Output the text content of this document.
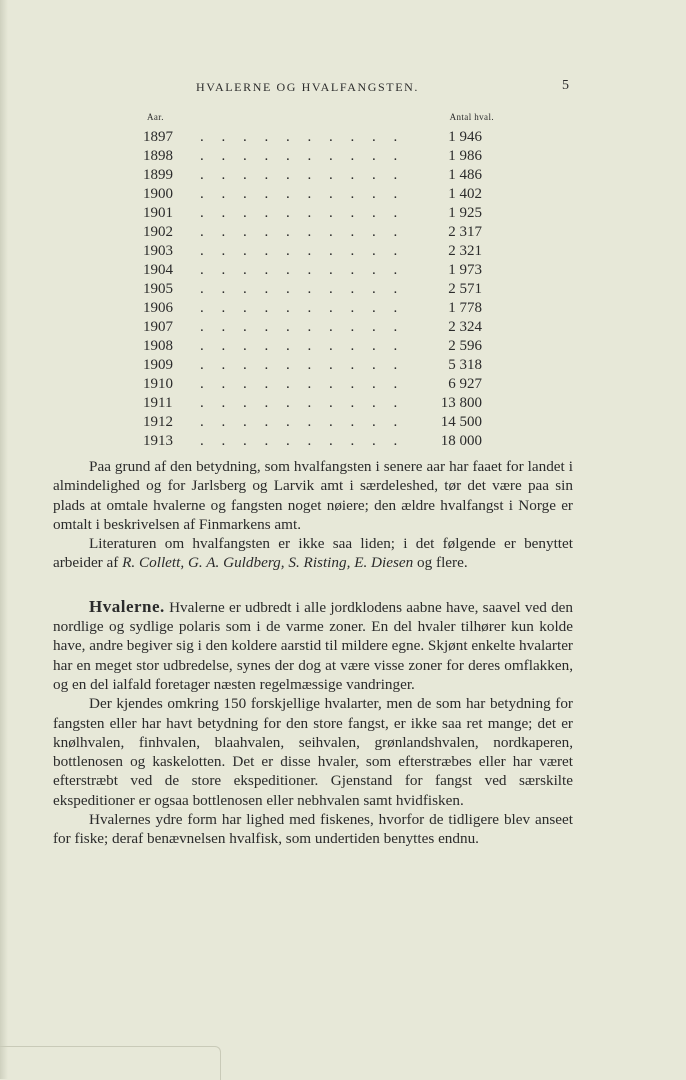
HVALERNE OG HVALFANGSTEN.	5
Aar.	Antal hval.
1897 . . . . . . . . . .	1 946
1898 . . . . . . . . . .	1 986
1899 . . . . . . . . . .	1 486
1900 . . . . . . . . . .	1 402
1901 . . . . . . . . . .	1 925
1902 . . . . . . . . . .	2 317
1903 . . . . . . . . . .	2 321
1904 . . . . . . . . . .	1 973
1905 . . . . . . . . . .	2 571
1906 . . . . . . . . . .	1 778
1907 . . . . . . . . . .	2 324
1908 . . . . . . . . . .	2 596
1909 . . . . . . . . . .	5 318
1910 . . . . . . . . . .	6 927
1911 . . . . . . . . . .	13 800
1912 . . . . . . . . . .	14 500
1913 . . . . . . . . . .	18 000

Paa grund af den betydning, som hvalfangsten i senere aar har faaet for landet i almindelighed og for Jarlsberg og Larvik amt i særdeleshed, tør det være paa sin plads at omtale hvalerne og fangsten noget nøiere; den ældre hvalfangst i Norge er omtalt i beskrivelsen af Finmarkens amt.

Literaturen om hvalfangsten er ikke saa liden; i det følgende er benyttet arbeider af R. Collett, G. A. Guldberg, S. Risting, E. Diesen og flere.

Hvalerne. Hvalerne er udbredt i alle jordklodens aabne have, saavel ved den nordlige og sydlige polaris som i de varme zoner. En del hvaler tilhører kun kolde have, andre begiver sig i den koldere aarstid til mildere egne. Skjønt enkelte hvalarter har en meget stor udbredelse, synes der dog at være visse zoner for deres omflakken, og en del ialfald foretager næsten regelmæssige vandringer.

Der kjendes omkring 150 forskjellige hvalarter, men de som har betydning for fangsten eller har havt betydning for den store fangst, er ikke saa ret mange; det er knølhvalen, finhvalen, blaahvalen, seihvalen, grønlandshvalen, nordkaperen, bottlenosen og kaskelotten. Det er disse hvaler, som efterstræbes eller har været efterstræbt ved de store ekspeditioner. Gjenstand for fangst ved særskilte ekspeditioner er ogsaa bottlenosen eller nebhvalen samt hvidfisken.

Hvalernes ydre form har lighed med fiskenes, hvorfor de tidligere blev anseet for fiske; deraf benævnelsen hvalfisk, som undertiden benyttes endnu.
